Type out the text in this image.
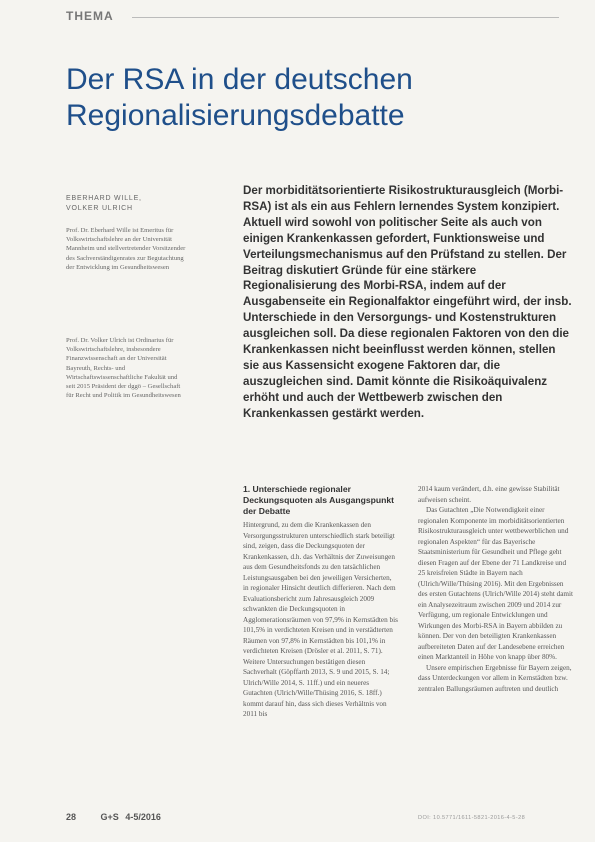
THEMA
Der RSA in der deutschen
Regionalisierungsdebatte
EBERHARD WILLE,
VOLKER ULRICH
Prof. Dr. Eberhard Wille ist Emeritus für Volkswirtschaftslehre an der Universität Mannheim und stellvertretender Vorsitzender des Sachverständigenrates zur Begutachtung der Entwicklung im Gesundheitswesen
Prof. Dr. Volker Ulrich ist Ordinarius für Volkswirtschaftslehre, insbesondere Finanzwissenschaft an der Universität Bayreuth, Rechts- und Wirtschaftswissenschaftliche Fakultät und seit 2015 Präsident der dggö – Gesellschaft für Recht und Politik im Gesundheitswesen
Der morbiditätsorientierte Risikostrukturausgleich (Morbi-RSA) ist als ein aus Fehlern lernendes System konzipiert. Aktuell wird sowohl von politischer Seite als auch von einigen Krankenkassen gefordert, Funktionsweise und Verteilungsmechanismus auf den Prüfstand zu stellen. Der Beitrag diskutiert Gründe für eine stärkere Regionalisierung des Morbi-RSA, indem auf der Ausgabenseite ein Regionalfaktor eingeführt wird, der insb. Unterschiede in den Versorgungs- und Kostenstrukturen ausgleichen soll. Da diese regionalen Faktoren von den die Krankenkassen nicht beeinflusst werden können, stellen sie aus Kassensicht exogene Faktoren dar, die auszugleichen sind. Damit könnte die Risikoäquivalenz erhöht und auch der Wettbewerb zwischen den Krankenkassen gestärkt werden.
1. Unterschiede regionaler Deckungsquoten als Ausgangspunkt der Debatte

Hintergrund, zu dem die Krankenkassen den Versorgungsstrukturen unterschiedlich stark beteiligt sind, zeigen, dass die Deckungsquoten der Krankenkassen, d.h. das Verhältnis der Zuweisungen aus dem Gesundheitsfonds zu den tatsächlichen Leistungsausgaben bei den jeweiligen Versicherten, in regionaler Hinsicht deutlich differieren. Nach dem Evaluationsbericht zum Jahresausgleich 2009 schwankten die Deckungsquoten in Agglomerationsräumen von 97,9% in Kernstädten bis 101,5% in verdichteten Kreisen und in verstädterten Räumen von 97,8% in Kernstädten bis 101,1% in verdichteten Kreisen (Drösler et al. 2011, S. 71). Weitere Untersuchungen bestätigen diesen Sachverhalt (Göpffarth 2013, S. 9 und 2015, S. 14; Ulrich/Wille 2014, S. 11ff.) und ein neueres Gutachten (Ulrich/Wille/Thüsing 2016, S. 18ff.) kommt darauf hin, dass sich dieses Verhältnis von 2011 bis

2014 kaum verändert, d.h. eine gewisse Stabilität aufweisen scheint.

Das Gutachten „Die Notwendigkeit einer regionalen Komponente im morbiditätsorientierten Risikostrukturausgleich unter wettbewerblichen und regionalen Aspekten“ für das Bayerische Staatsministerium für Gesundheit und Pflege geht diesen Fragen auf der Ebene der 71 Landkreise und 25 kreisfreien Städte in Bayern nach (Ulrich/Wille/Thüsing 2016). Mit den Ergebnissen des ersten Gutachtens (Ulrich/Wille 2014) steht damit ein Analysezeitraum zwischen 2009 und 2014 zur Verfügung, um regionale Entwicklungen und Wirkungen des Morbi-RSA in Bayern abbilden zu können. Der von den beteiligten Krankenkassen aufbereiteten Daten auf der Landesebene erreichen einen Marktanteil in Höhe von knapp über 80%.

Unsere empirischen Ergebnisse für Bayern zeigen, dass Unterdeckungen vor allem in Kernstädten bzw. zentralen Ballungsräumen auftreten und deutlich

28	G+S 4-5/2016	DOI: 10.5771/1611-5821-2016-4-5-28
